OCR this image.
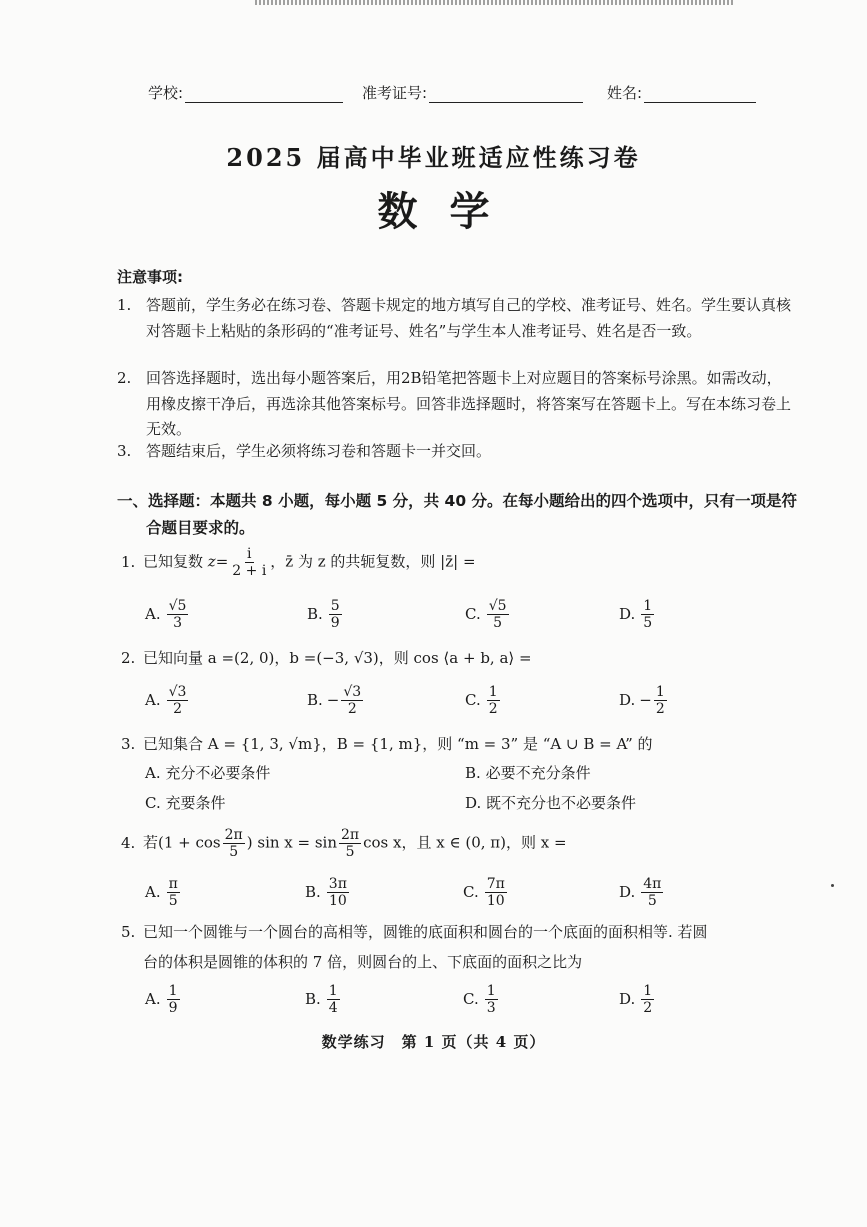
学校:	准考证号:	姓名:
2025 届高中毕业班适应性练习卷
数学
注意事项:
1. 答题前，学生务必在练习卷、答题卡规定的地方填写自己的学校、准考证号、姓名。学生要认真核对答题卡上粘贴的条形码的“准考证号、姓名”与学生本人准考证号、姓名是否一致。
2. 回答选择题时，选出每小题答案后，用2B铅笔把答题卡上对应题目的答案标号涂黑。如需改动，用橡皮擦干净后，再选涂其他答案标号。回答非选择题时，将答案写在答题卡上。写在本练习卷上无效。
3. 答题结束后，学生必须将练习卷和答题卡一并交回。
一、选择题：本题共 8 小题，每小题 5 分，共 40 分。在每小题给出的四个选项中，只有一项是符合题目要求的。
1. 已知复数 $z= \frac{i}{2 + i}$ ，z̄ 为 z 的共轭复数，则 |z̄| =
A. $\frac{√5}{3}$	B. $\frac{5}{9}$	C. $\frac{√5}{5}$	D. $\frac{1}{5}$
2. 已知向量 a =(2, 0)，b =(−3, √3)，则 cos ⟨a + b, a⟩ =
A. $\frac{√3}{2}$	B. − $\frac{√3}{2}$	C. $\frac{1}{2}$	D. − $\frac{1}{2}$
3. 已知集合 A = {1, 3, √m}，B = {1, m}，则 “m = 3” 是 “A ∪ B = A” 的
A. 充分不必要条件	B. 必要不充分条件
C. 充要条件	D. 既不充分也不必要条件
4. 若($1 + \cos \frac{2\pi}{5}$ ) $\sin x = \sin \frac{2\pi}{5}$ cos x，且 x ∈ (0, π)，则 x =
A. $\frac{\pi}{5}$	B. $\frac{3\pi}{10}$	C. $\frac{7\pi}{10}$	D. $\frac{4\pi}{5}$
5. 已知一个圆锥与一个圆台的高相等，圆锥的底面积和圆台的一个底面的面积相等. 若圆
台的体积是圆锥的体积的 7 倍，则圆台的上、下底面的面积之比为
A. $\frac{1}{9}$	B. $\frac{1}{4}$	C. $\frac{1}{3}$	D. $\frac{1}{2}$
数学练习　第 1 页（共 4 页）
